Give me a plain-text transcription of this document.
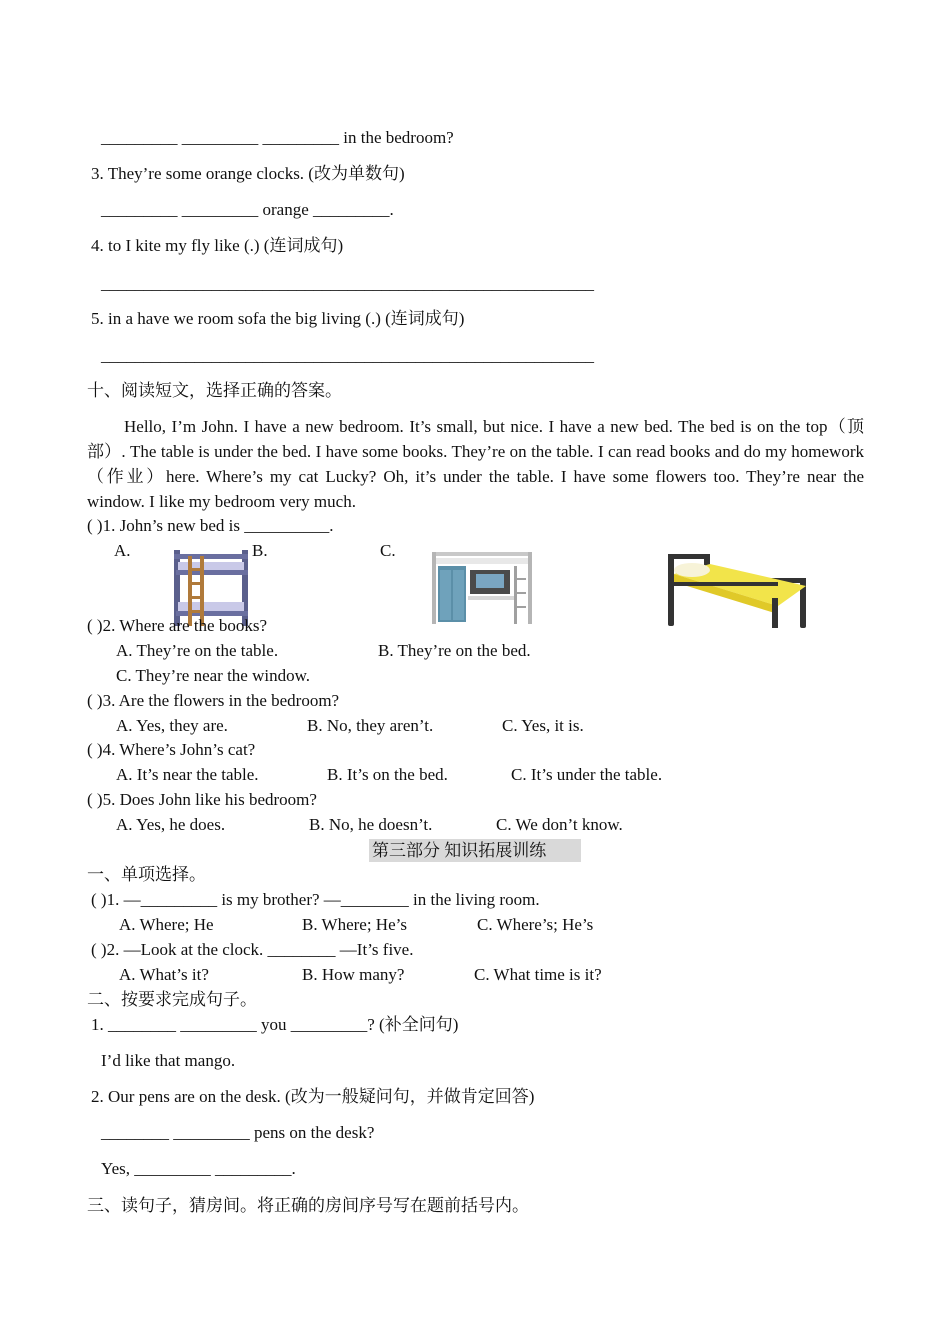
_________ _________ _________ in the bedroom?
3. They’re some orange clocks. (改为单数句)
_________ _________ orange _________.
4. to I kite my fly like (.) (连词成句)
__________________________________________________________
5. in a have we room sofa the big living (.) (连词成句)
__________________________________________________________
十、阅读短文，选择正确的答案。
Hello, I’m John. I have a new bedroom. It’s small, but nice. I have a new bed. The bed is on the top（顶部）. The table is under the bed. I have some books. They’re on the table. I can read books and do my homework（作业）here. Where’s my cat Lucky? Oh, it’s under the table. I have some flowers too. They’re near the window. I like my bedroom very much.
( )1. John’s new bed is __________.
A.	B.	C.
( )2. Where are the books?
A. They’re on the table.	B. They’re on the bed.
C. They’re near the window.
( )3. Are the flowers in the bedroom?
A. Yes, they are.	B. No, they aren’t.	C. Yes, it is.
( )4. Where’s John’s cat?
A. It’s near the table.	B. It’s on the bed.	C. It’s under the table.
( )5. Does John like his bedroom?
A. Yes, he does.	B. No, he doesn’t.	C. We don’t know.
第三部分 知识拓展训练
一、单项选择。
( )1. —_________ is my brother? —________ in the living room.
A. Where; He	B. Where; He’s	C. Where’s; He’s
( )2. —Look at the clock. ________ —It’s five.
A. What’s it?	B. How many?	C. What time is it?
二、按要求完成句子。
1. ________ _________ you _________? (补全问句)
I’d like that mango.
2. Our pens are on the desk. (改为一般疑问句，并做肯定回答)
________ _________ pens on the desk?
Yes, _________ _________.
三、读句子，猜房间。将正确的房间序号写在题前括号内。
